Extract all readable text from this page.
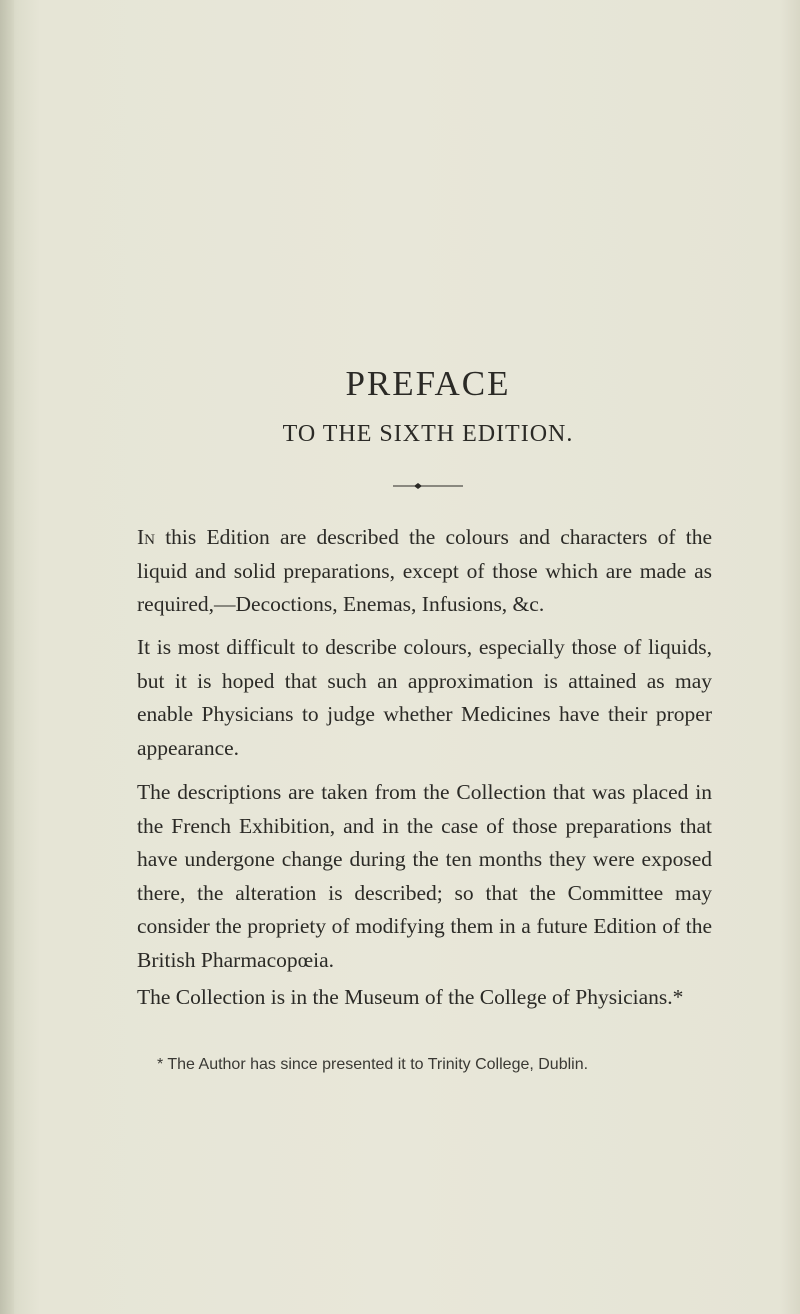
PREFACE
TO THE SIXTH EDITION.
In this Edition are described the colours and characters of the liquid and solid preparations, except of those which are made as required,—Decoctions, Enemas, Infusions, &c.
It is most difficult to describe colours, especially those of liquids, but it is hoped that such an approximation is attained as may enable Physicians to judge whether Medicines have their proper appearance.
The descriptions are taken from the Collection that was placed in the French Exhibition, and in the case of those preparations that have undergone change during the ten months they were exposed there, the alteration is described; so that the Committee may consider the propriety of modifying them in a future Edition of the British Pharmacopœia.
The Collection is in the Museum of the College of Physicians.*
* The Author has since presented it to Trinity College, Dublin.
